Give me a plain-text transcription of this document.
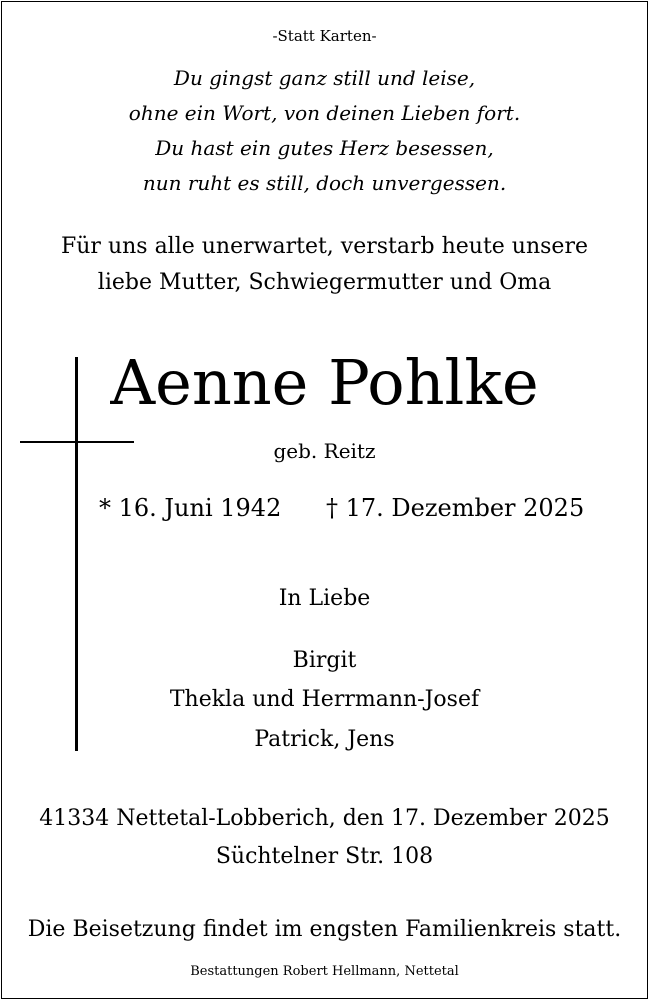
-Statt Karten-
Du gingst ganz still und leise,
ohne ein Wort, von deinen Lieben fort.
Du hast ein gutes Herz besessen,
nun ruht es still, doch unvergessen.
Für uns alle unerwartet, verstarb heute unsere
liebe Mutter, Schwiegermutter und Oma
Aenne Pohlke
geb. Reitz
* 16. Juni 1942 † 17. Dezember 2025
In Liebe
Birgit
Thekla und Herrmann-Josef
Patrick, Jens
41334 Nettetal-Lobberich, den 17. Dezember 2025
Süchtelner Str. 108
Die Beisetzung findet im engsten Familienkreis statt.
Bestattungen Robert Hellmann, Nettetal
